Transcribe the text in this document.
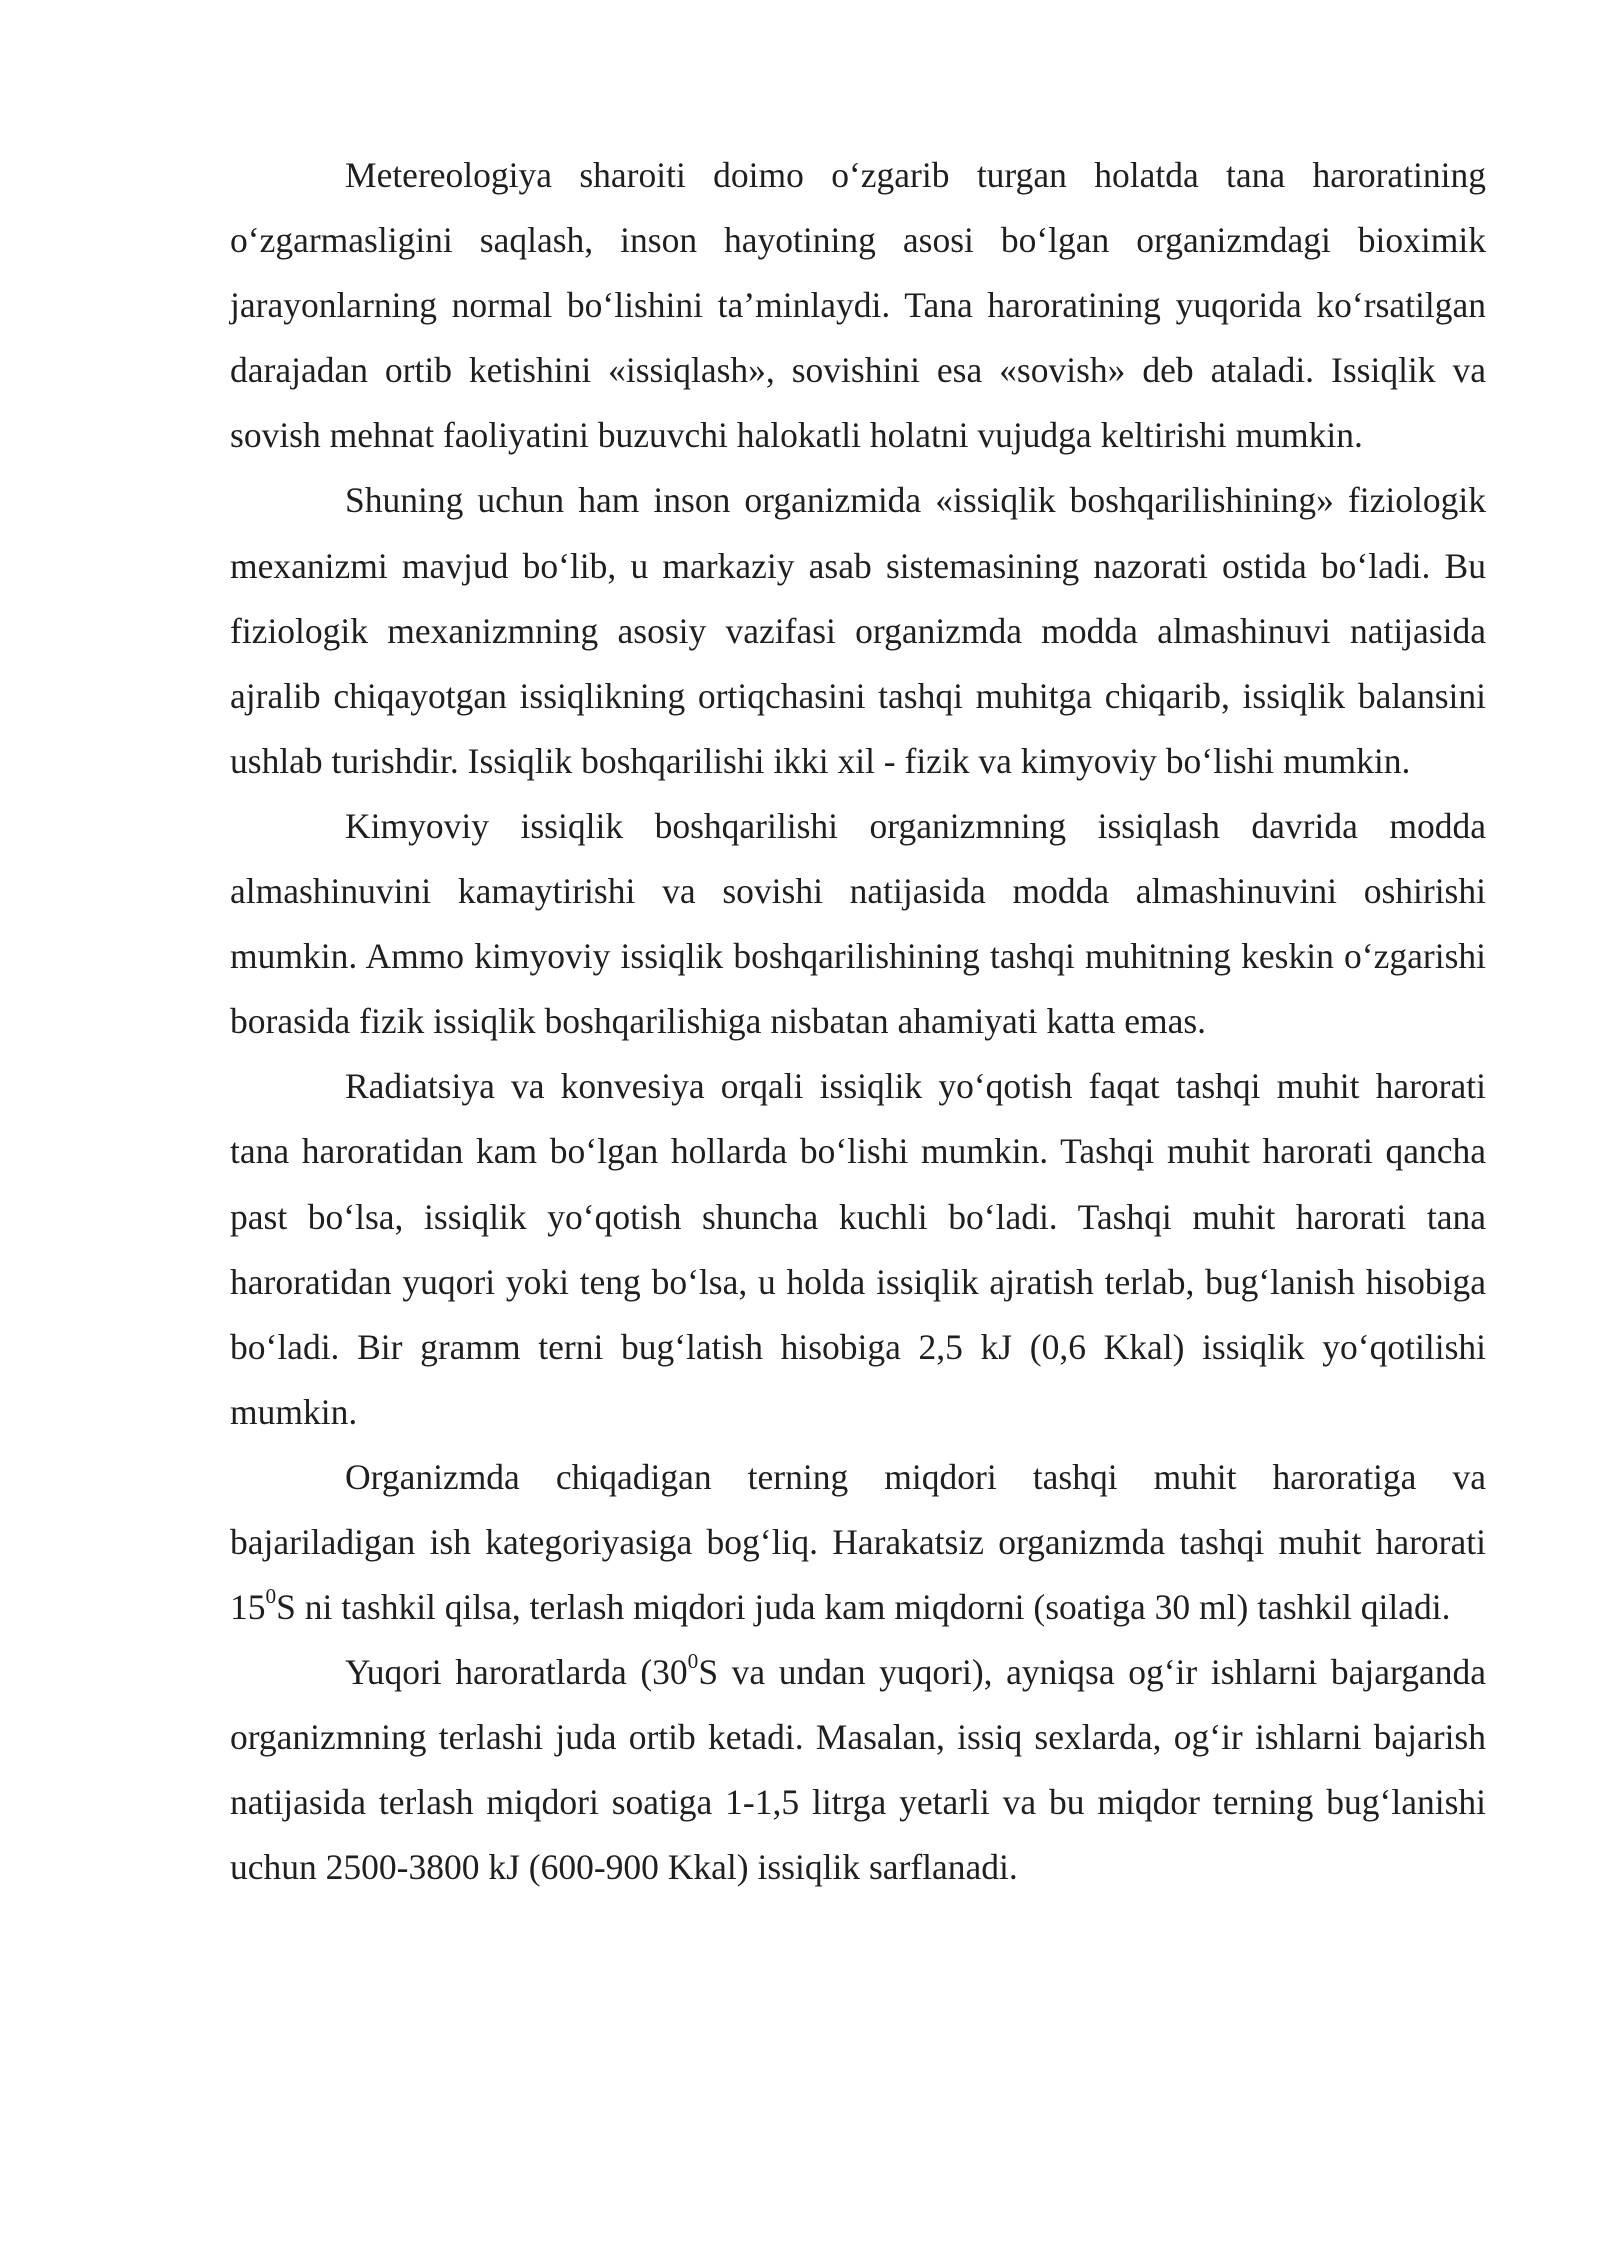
Metereologiya sharoiti doimo o‘zgarib turgan holatda tana haroratining o‘zgarmasligini saqlash, inson hayotining asosi bo‘lgan organizmdagi bioximik jarayonlarning normal bo‘lishini ta’minlaydi. Tana haroratining yuqorida ko‘rsatilgan darajadan ortib ketishini «issiqlash», sovishini esa «sovish» deb ataladi. Issiqlik va sovish mehnat faoliyatini buzuvchi halokatli holatni vujudga keltirishi mumkin.

Shuning uchun ham inson organizmida «issiqlik boshqarilishining» fiziologik mexanizmi mavjud bo‘lib, u markaziy asab sistemasining nazorati ostida bo‘ladi. Bu fiziologik mexanizmning asosiy vazifasi organizmda modda almashinuvi natijasida ajralib chiqayotgan issiqlikning ortiqchasini tashqi muhitga chiqarib, issiqlik balansini ushlab turishdir. Issiqlik boshqarilishi ikki xil - fizik va kimyoviy bo‘lishi mumkin.

Kimyoviy issiqlik boshqarilishi organizmning issiqlash davrida modda almashinuvini kamaytirishi va sovishi natijasida modda almashinuvini oshirishi mumkin. Ammo kimyoviy issiqlik boshqarilishining tashqi muhitning keskin o‘zgarishi borasida fizik issiqlik boshqarilishiga nisbatan ahamiyati katta emas.

Radiatsiya va konvesiya orqali issiqlik yo‘qotish faqat tashqi muhit harorati tana haroratidan kam bo‘lgan hollarda bo‘lishi mumkin. Tashqi muhit harorati qancha past bo‘lsa, issiqlik yo‘qotish shuncha kuchli bo‘ladi. Tashqi muhit harorati tana haroratidan yuqori yoki teng bo‘lsa, u holda issiqlik ajratish terlab, bug‘lanish hisobiga bo‘ladi. Bir gramm terni bug‘latish hisobiga 2,5 kJ (0,6 Kkal) issiqlik yo‘qotilishi mumkin.

Organizmda chiqadigan terning miqdori tashqi muhit haroratiga va bajariladigan ish kategoriyasiga bog‘liq. Harakatsiz organizmda tashqi muhit harorati $15^0S$ ni tashkil qilsa, terlash miqdori juda kam miqdorni (soatiga 30 ml) tashkil qiladi.

Yuqori haroratlarda ($30^0S$ va undan yuqori), ayniqsa og‘ir ishlarni bajarganda organizmning terlashi juda ortib ketadi. Masalan, issiq sexlarda, og‘ir ishlarni bajarish natijasida terlash miqdori soatiga 1-1,5 litrga yetarli va bu miqdor terning bug‘lanishi uchun 2500-3800 kJ (600-900 Kkal) issiqlik sarflanadi.
